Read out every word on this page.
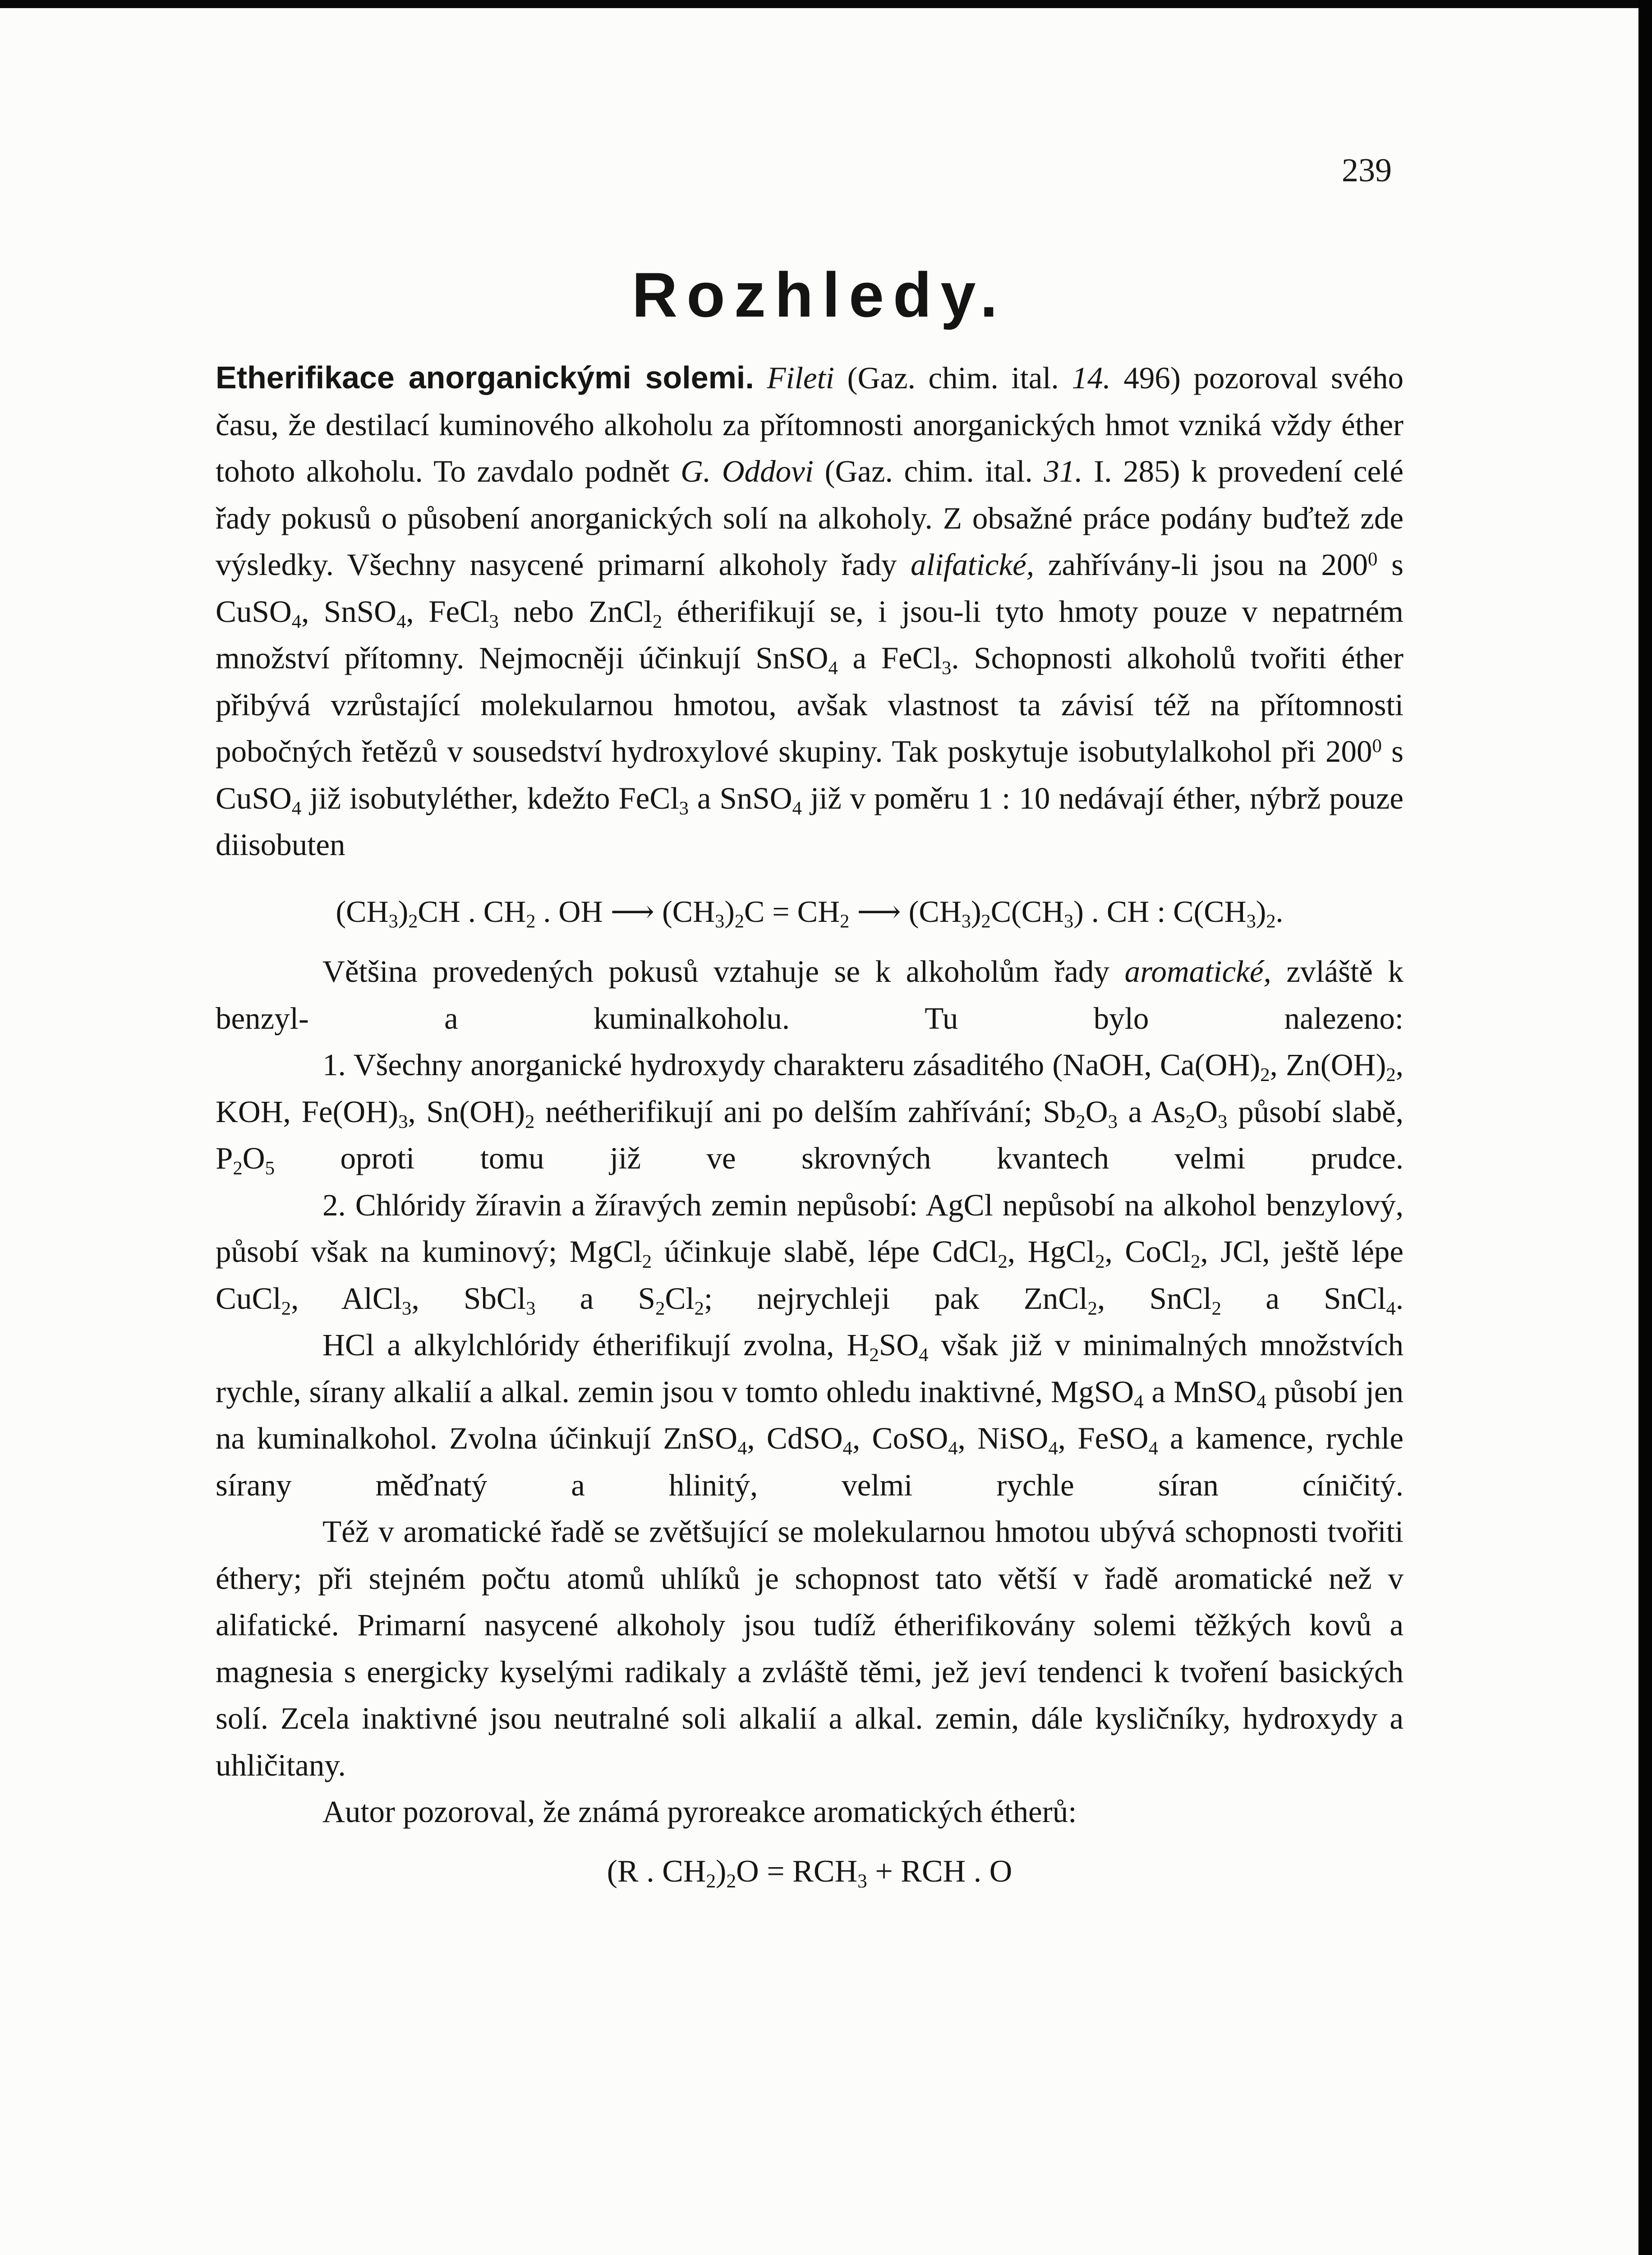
239
Rozhledy.

Etherifikace anorganickými solemi. Fileti (Gaz. chim. ital. 14. 496) pozoroval svého času, že destilací kuminového alkoholu za přítomnosti anorganických hmot vzniká vždy éther tohoto alkoholu. To zavdalo podnět G. Oddovi (Gaz. chim. ital. 31. I. 285) k provedení celé řady pokusů o působení anorganických solí na alkoholy. Z obsažné práce podány buďtež zde výsledky. Všechny nasycené primarní alkoholy řady alifatické, zahřívány-li jsou na $200^0$ s CuSO$_4$, SnSO$_4$, FeCl$_3$ nebo ZnCl$_2$ étherifikují se, i jsou-li tyto hmoty pouze v nepatrném množství přítomny. Nejmocněji účinkují SnSO$_4$ a FeCl$_3$. Schopnosti alkoholů tvořiti éther přibývá vzrůstající molekularnou hmotou, avšak vlastnost ta závisí též na přítomnosti pobočných řetězů v sousedství hydroxylové skupiny. Tak poskytuje isobutylalkohol při $200^0$ s CuSO$_4$ již isobutyléther, kdežto FeCl$_3$ a SnSO$_4$ již v poměru 1 : 10 nedávají éther, nýbrž pouze diisobuten

$(CH_3)_2CH$ . $CH_2$ . OH ⟶ $(CH_3)_2C = CH_2$ ⟶ $(CH_3)_2C(CH_3)$ . CH : $C(CH_3)_2$.

Většina provedených pokusů vztahuje se k alkoholům řady aromatické, zvláště k benzyl- a kuminalkoholu. Tu bylo nalezeno:

1. Všechny anorganické hydroxydy charakteru zásaditého (NaOH, $Ca(OH)_2$, $Zn(OH)_2$, KOH, $Fe(OH)_3$, $Sn(OH)_2$ neétherifikují ani po delším zahřívání; $Sb_2O_3$ a $As_2O_3$ působí slabě, $P_2O_5$ oproti tomu již ve skrovných kvantech velmi prudce.

2. Chlóridy žíravin a žíravých zemin nepůsobí: AgCl nepůsobí na alkohol benzylový, působí však na kuminový; MgCl$_2$ účinkuje slabě, lépe CdCl$_2$, HgCl$_2$, CoCl$_2$, JCl, ještě lépe CuCl$_2$, AlCl$_3$, SbCl$_3$ a $S_2Cl_2$; nejrychleji pak ZnCl$_2$, SnCl$_2$ a SnCl$_4$.

HCl a alkylchlóridy étherifikují zvolna, $H_2SO_4$ však již v minimalných množstvích rychle, sírany alkalií a alkal. zemin jsou v tomto ohledu inaktivné, MgSO$_4$ a MnSO$_4$ působí jen na kuminalkohol. Zvolna účinkují ZnSO$_4$, CdSO$_4$, CoSO$_4$, NiSO$_4$, FeSO$_4$ a kamence, rychle sírany měďnatý a hlinitý, velmi rychle síran cíničitý.

Též v aromatické řadě se zvětšující se molekularnou hmotou ubývá schopnosti tvořiti éthery; při stejném počtu atomů uhlíků je schopnost tato větší v řadě aromatické než v alifatické. Primarní nasycené alkoholy jsou tudíž étherifikovány solemi těžkých kovů a magnesia s energicky kyselými radikaly a zvláště těmi, jež jeví tendenci k tvoření basických solí. Zcela inaktivné jsou neutralné soli alkalií a alkal. zemin, dále kysličníky, hydroxydy a uhličitany.

Autor pozoroval, že známá pyroreakce aromatických étherů:

(R . $CH_2)_2O = RCH_3$ + RCH . O
